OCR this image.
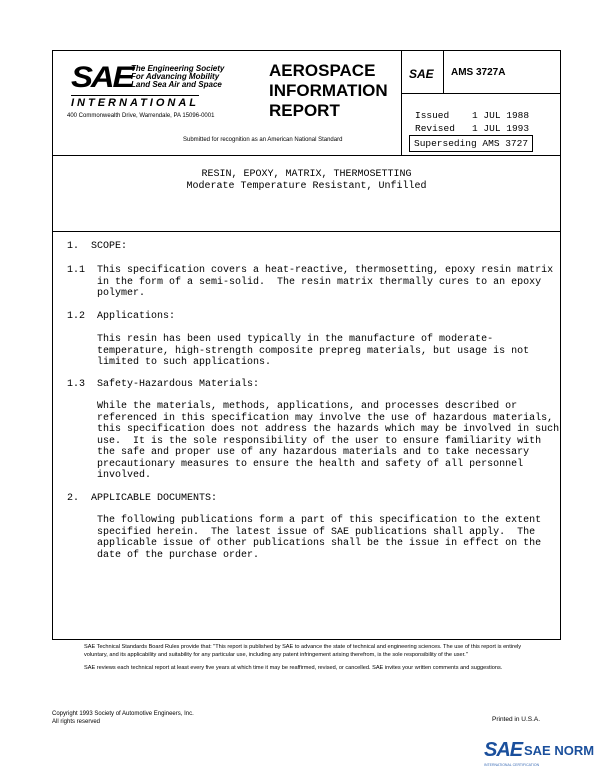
SAE
The Engineering Society
For Advancing Mobility
Land Sea Air and Space
INTERNATIONAL
400 Commonwealth Drive, Warrendale, PA 15096-0001
AEROSPACE
INFORMATION
REPORT
Submitted for recognition as an American National Standard
SAE AMS 3727A
Issued 1 JUL 1988
Revised 1 JUL 1993
Superseding AMS 3727
RESIN, EPOXY, MATRIX, THERMOSETTING
Moderate Temperature Resistant, Unfilled

1.  SCOPE:

1.1  This specification covers a heat-reactive, thermosetting, epoxy resin matrix
in the form of a semi-solid.  The resin matrix thermally cures to an epoxy
polymer.

1.2  Applications:

This resin has been used typically in the manufacture of moderate-
temperature, high-strength composite prepreg materials, but usage is not
limited to such applications.

1.3  Safety-Hazardous Materials:

While the materials, methods, applications, and processes described or
referenced in this specification may involve the use of hazardous materials,
this specification does not address the hazards which may be involved in such
use.  It is the sole responsibility of the user to ensure familiarity with
the safe and proper use of any hazardous materials and to take necessary
precautionary measures to ensure the health and safety of all personnel
involved.

2.  APPLICABLE DOCUMENTS:

The following publications form a part of this specification to the extent
specified herein.  The latest issue of SAE publications shall apply.  The
applicable issue of other publications shall be the issue in effect on the
date of the purchase order.

SAE Technical Standards Board Rules provide that: "This report is published by SAE to advance the state of technical and engineering sciences. The use of this report is entirely voluntary, and its applicability and suitability for any particular use, including any patent infringement arising therefrom, is the sole responsibility of the user."

SAE reviews each technical report at least every five years at which time it may be reaffirmed, revised, or cancelled. SAE invites your written comments and suggestions.

Copyright 1993 Society of Automotive Engineers, Inc.
All rights reserved	Printed in U.S.A.
SAE SAE NORM
INTERNATIONAL CERTIFICATION
